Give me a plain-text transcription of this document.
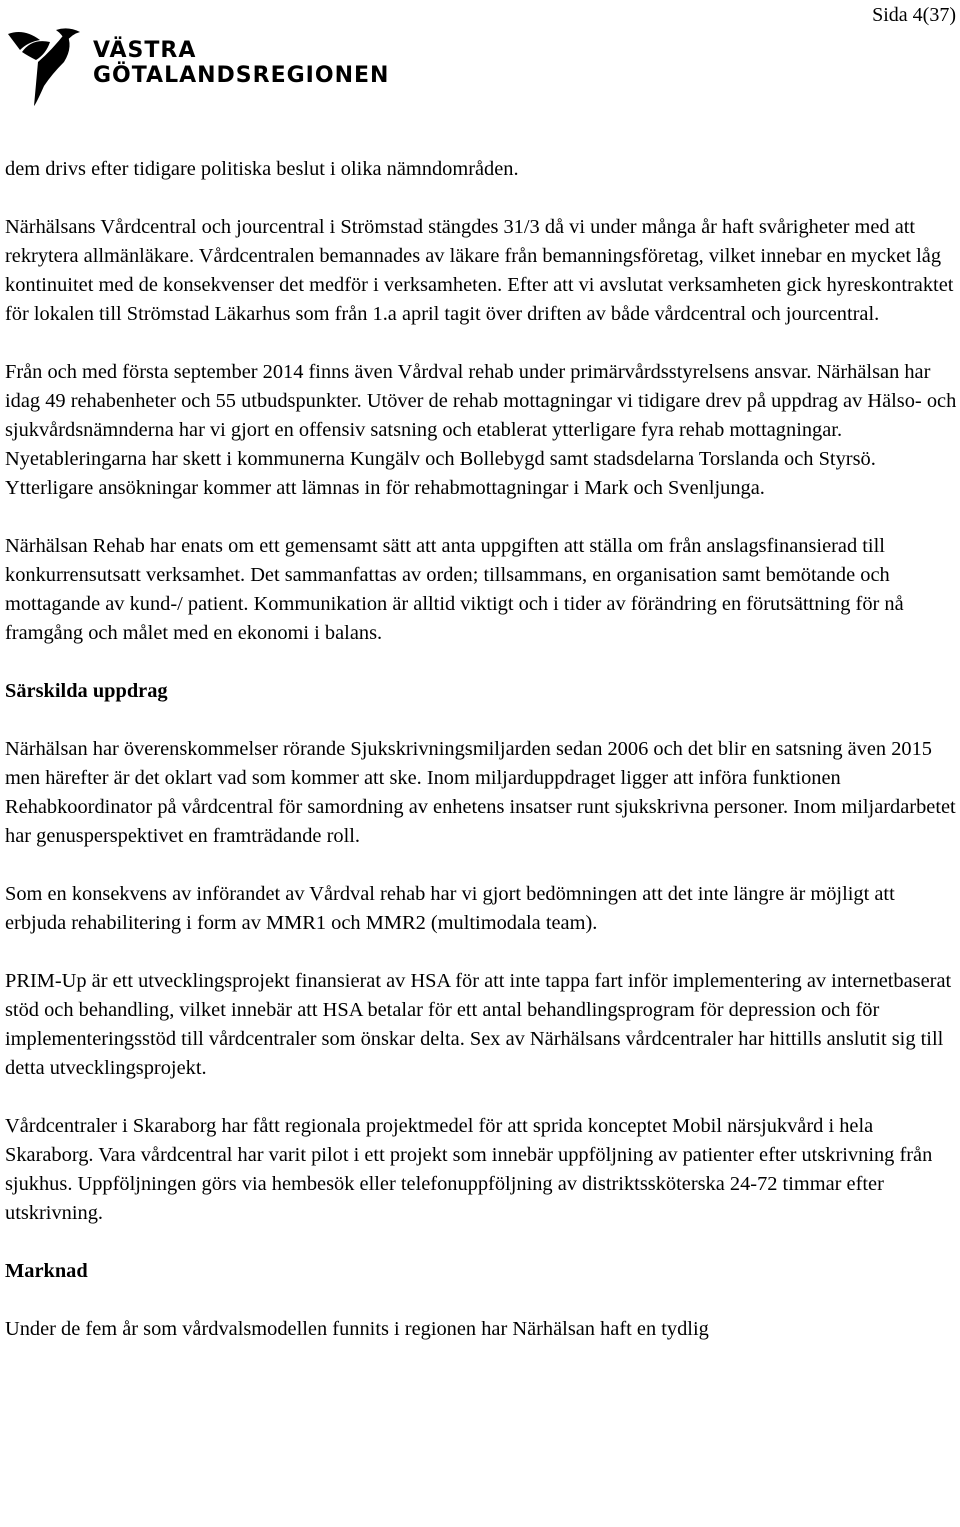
Sida 4(37)
VÄSTRA
GÖTALANDSREGIONEN

dem drivs efter tidigare politiska beslut i olika nämndområden.

Närhälsans Vårdcentral och jourcentral i Strömstad stängdes 31/3 då vi under många år haft svårigheter med att rekrytera allmänläkare. Vårdcentralen bemannades av läkare från bemanningsföretag, vilket innebar en mycket låg kontinuitet med de konsekvenser det medför i verksamheten. Efter att vi avslutat verksamheten gick hyreskontraktet för lokalen till Strömstad Läkarhus som från 1.a april tagit över driften av både vårdcentral och jourcentral.

Från och med första september 2014 finns även Vårdval rehab under primärvårdsstyrelsens ansvar. Närhälsan har idag 49 rehabenheter och 55 utbudspunkter. Utöver de rehab mottagningar vi tidigare drev på uppdrag av Hälso- och sjukvårdsnämnderna har vi gjort en offensiv satsning och etablerat ytterligare fyra rehab mottagningar. Nyetableringarna har skett i kommunerna Kungälv och Bollebygd samt stadsdelarna Torslanda och Styrsö. Ytterligare ansökningar kommer att lämnas in för rehabmottagningar i Mark och Svenljunga.

Närhälsan Rehab har enats om ett gemensamt sätt att anta uppgiften att ställa om från anslagsfinansierad till konkurrensutsatt verksamhet. Det sammanfattas av orden; tillsammans, en organisation samt bemötande och mottagande av kund-/ patient. Kommunikation är alltid viktigt och i tider av förändring en förutsättning för nå framgång och målet med en ekonomi i balans.

Särskilda uppdrag

Närhälsan har överenskommelser rörande Sjukskrivningsmiljarden sedan 2006 och det blir en satsning även 2015 men härefter är det oklart vad som kommer att ske. Inom miljarduppdraget ligger att införa funktionen Rehabkoordinator på vårdcentral för samordning av enhetens insatser runt sjukskrivna personer. Inom miljardarbetet har genusperspektivet en framträdande roll.

Som en konsekvens av införandet av Vårdval rehab har vi gjort bedömningen att det inte längre är möjligt att erbjuda rehabilitering i form av MMR1 och MMR2 (multimodala team).

PRIM-Up är ett utvecklingsprojekt finansierat av HSA för att inte tappa fart inför implementering av internetbaserat stöd och behandling, vilket innebär att HSA betalar för ett antal behandlingsprogram för depression och för implementeringsstöd till vårdcentraler som önskar delta. Sex av Närhälsans vårdcentraler har hittills anslutit sig till detta utvecklingsprojekt.

Vårdcentraler i Skaraborg har fått regionala projektmedel för att sprida konceptet Mobil närsjukvård i hela Skaraborg. Vara vårdcentral har varit pilot i ett projekt som innebär uppföljning av patienter efter utskrivning från sjukhus. Uppföljningen görs via hembesök eller telefonuppföljning av distriktssköterska 24-72 timmar efter utskrivning.

Marknad

Under de fem år som vårdvalsmodellen funnits i regionen har Närhälsan haft en tydlig
